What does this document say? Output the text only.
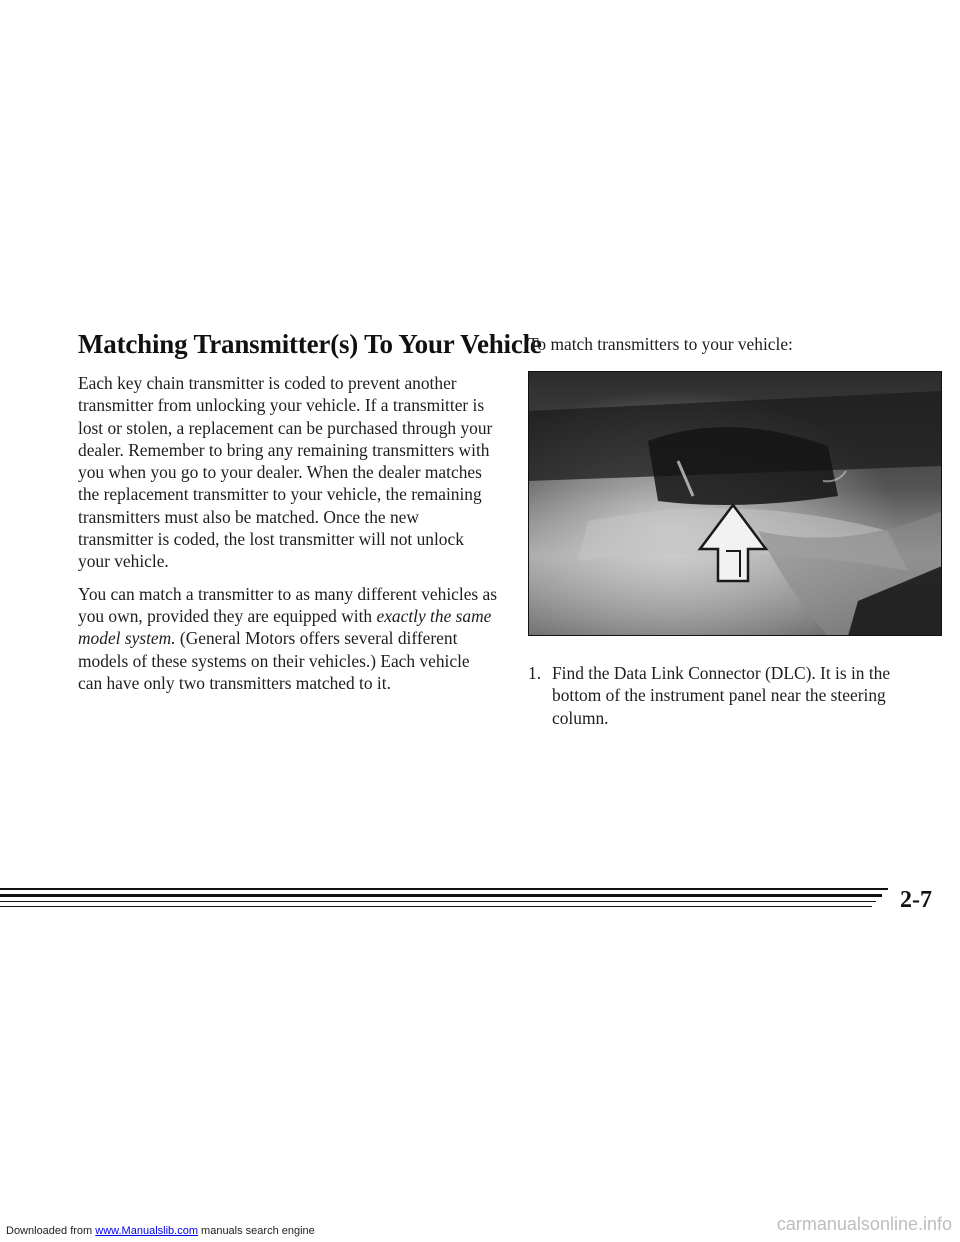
Matching Transmitter(s) To Your Vehicle

Each key chain transmitter is coded to prevent another transmitter from unlocking your vehicle. If a transmitter is lost or stolen, a replacement can be purchased through your dealer. Remember to bring any remaining transmitters with you when you go to your dealer. When the dealer matches the replacement transmitter to your vehicle, the remaining transmitters must also be matched. Once the new transmitter is coded, the lost transmitter will not unlock your vehicle.

You can match a transmitter to as many different vehicles as you own, provided they are equipped with exactly the same model system. (General Motors offers several different models of these systems on their vehicles.) Each vehicle can have only two transmitters matched to it.

To match transmitters to your vehicle:

1. Find the Data Link Connector (DLC). It is in the bottom of the instrument panel near the steering column.
2-7
carmanualsonline.info
Downloaded from www.Manualslib.com manuals search engine
